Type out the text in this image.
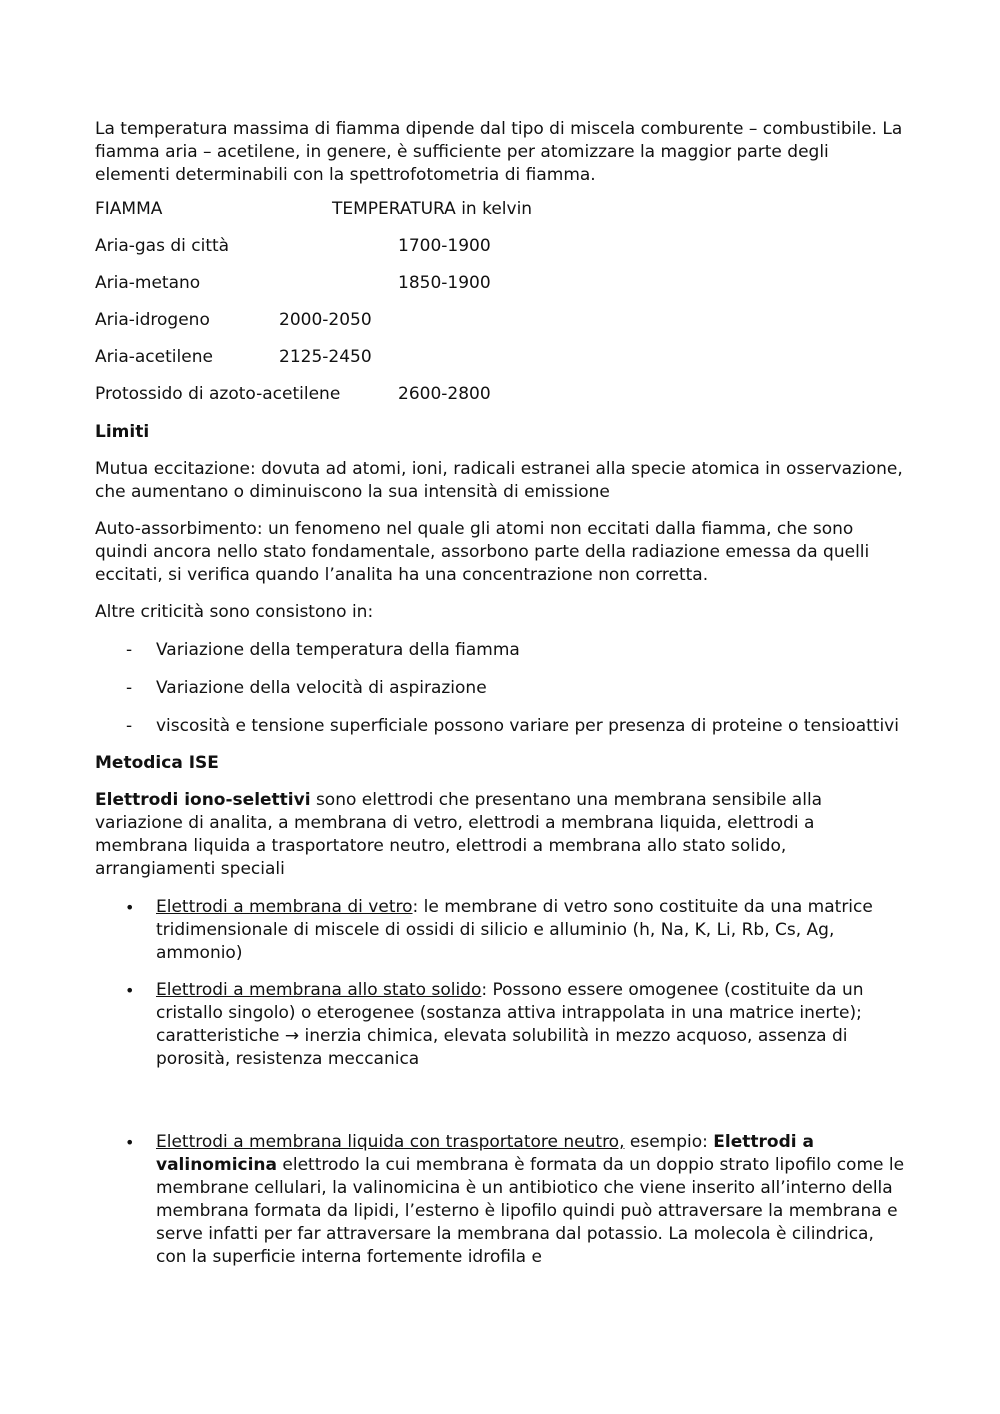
La temperatura massima di fiamma dipende dal tipo di miscela comburente – combustibile. La fiamma aria – acetilene, in genere, è sufficiente per atomizzare la maggior parte degli elementi determinabili con la spettrofotometria di fiamma.

FIAMMA	TEMPERATURA in kelvin
Aria-gas di città	1700-1900
Aria-metano	1850-1900
Aria-idrogeno	2000-2050
Aria-acetilene	2125-2450
Protossido di azoto-acetilene	2600-2800

Limiti

Mutua eccitazione: dovuta ad atomi, ioni, radicali estranei alla specie atomica in osservazione, che aumentano o diminuiscono la sua intensità di emissione

Auto-assorbimento: un fenomeno nel quale gli atomi non eccitati dalla fiamma, che sono quindi ancora nello stato fondamentale, assorbono parte della radiazione emessa da quelli eccitati, si verifica quando l’analita ha una concentrazione non corretta.

Altre criticità sono consistono in:

- Variazione della temperatura della fiamma
- Variazione della velocità di aspirazione
- viscosità e tensione superficiale possono variare per presenza di proteine o tensioattivi

Metodica ISE

Elettrodi iono-selettivi sono elettrodi che presentano una membrana sensibile alla variazione di analita, a membrana di vetro, elettrodi a membrana liquida, elettrodi a membrana liquida a trasportatore neutro, elettrodi a membrana allo stato solido, arrangiamenti speciali

• Elettrodi a membrana di vetro: le membrane di vetro sono costituite da una matrice tridimensionale di miscele di ossidi di silicio e alluminio (h, Na, K, Li, Rb, Cs, Ag, ammonio)
• Elettrodi a membrana allo stato solido: Possono essere omogenee (costituite da un cristallo singolo) o eterogenee (sostanza attiva intrappolata in una matrice inerte); caratteristiche → inerzia chimica, elevata solubilità in mezzo acquoso, assenza di porosità, resistenza meccanica
• Elettrodi a membrana liquida con trasportatore neutro, esempio: Elettrodi a valinomicina elettrodo la cui membrana è formata da un doppio strato lipofilo come le membrane cellulari, la valinomicina è un antibiotico che viene inserito all’interno della membrana formata da lipidi, l’esterno è lipofilo quindi può attraversare la membrana e serve infatti per far attraversare la membrana dal potassio. La molecola è cilindrica, con la superficie interna fortemente idrofila e
